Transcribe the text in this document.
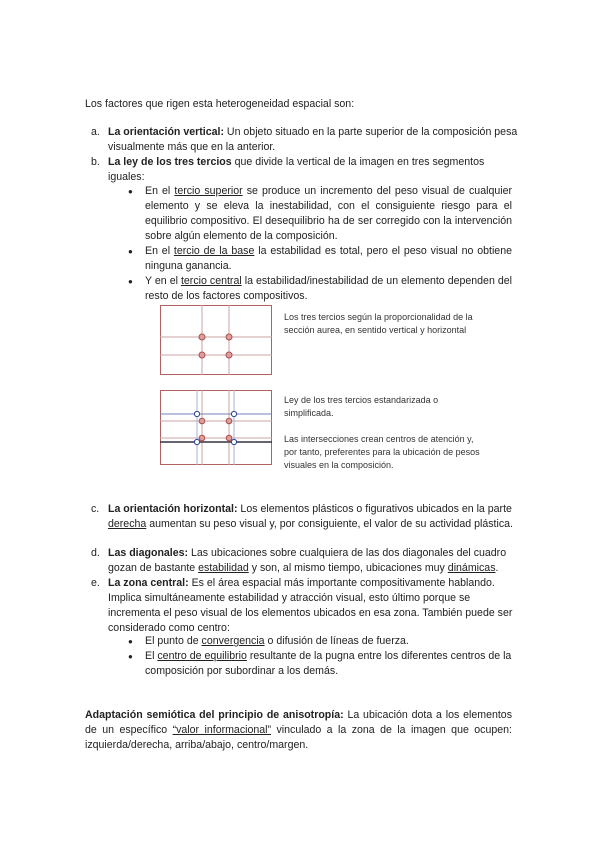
Los factores que rigen esta heterogeneidad espacial son:
a. La orientación vertical: Un objeto situado en la parte superior de la composición pesa visualmente más que en la anterior.
b. La ley de los tres tercios que divide la vertical de la imagen en tres segmentos iguales:
● En el tercio superior se produce un incremento del peso visual de cualquier elemento y se eleva la inestabilidad, con el consiguiente riesgo para el equilibrio compositivo. El desequilibrio ha de ser corregido con la intervención sobre algún elemento de la composición.
● En el tercio de la base la estabilidad es total, pero el peso visual no obtiene ninguna ganancia.
● Y en el tercio central la estabilidad/inestabilidad de un elemento dependen del resto de los factores compositivos.
Los tres tercios según la proporcionalidad de la sección aurea, en sentido vertical y horizontal
Ley de los tres tercios estandarizada o simplificada.
Las intersecciones crean centros de atención y, por tanto, preferentes para la ubicación de pesos visuales en la composición.
c. La orientación horizontal: Los elementos plásticos o figurativos ubicados en la parte derecha aumentan su peso visual y, por consiguiente, el valor de su actividad plástica.
d. Las diagonales: Las ubicaciones sobre cualquiera de las dos diagonales del cuadro gozan de bastante estabilidad y son, al mismo tiempo, ubicaciones muy dinámicas.
e. La zona central: Es el área espacial más importante compositivamente hablando. Implica simultáneamente estabilidad y atracción visual, esto último porque se incrementa el peso visual de los elementos ubicados en esa zona. También puede ser considerado como centro:
● El punto de convergencia o difusión de líneas de fuerza.
● El centro de equilibrio resultante de la pugna entre los diferentes centros de la composición por subordinar a los demás.
Adaptación semiótica del principio de anisotropía: La ubicación dota a los elementos de un específico “valor informacional” vinculado a la zona de la imagen que ocupen: izquierda/derecha, arriba/abajo, centro/margen.
